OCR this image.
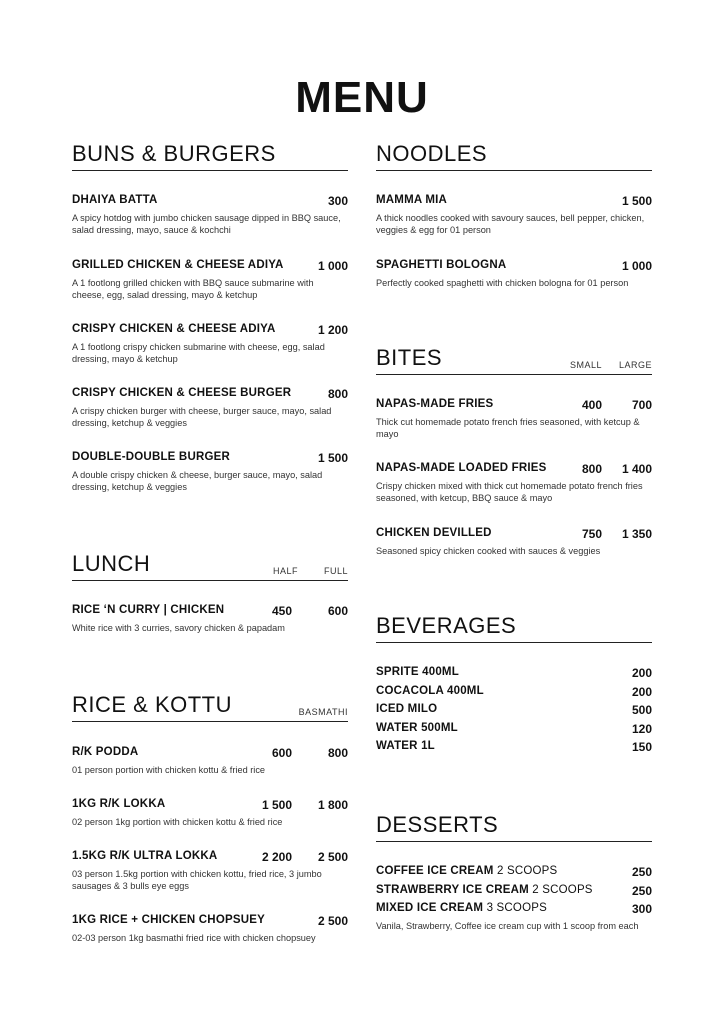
MENU
BUNS & BURGERS
DHAIYA BATTA	300
A spicy hotdog with jumbo chicken sausage dipped in BBQ sauce, salad dressing, mayo, sauce & kochchi
GRILLED CHICKEN & CHEESE ADIYA	1 000
A 1 footlong grilled chicken with BBQ sauce submarine with cheese, egg, salad dressing, mayo & ketchup
CRISPY CHICKEN & CHEESE ADIYA	1 200
A 1 footlong crispy chicken submarine with cheese, egg, salad dressing, mayo & ketchup
CRISPY CHICKEN & CHEESE BURGER	800
A crispy chicken burger with cheese, burger sauce, mayo, salad dressing, ketchup & veggies
DOUBLE-DOUBLE BURGER	1 500
A double crispy chicken & cheese, burger sauce, mayo, salad dressing, ketchup & veggies
LUNCH	HALF	FULL
RICE ‘N CURRY | CHICKEN	450	600
White rice with 3 curries, savory chicken & papadam
RICE & KOTTU	BASMATHI
R/K PODDA	600	800
01 person portion with chicken kottu & fried rice
1KG R/K LOKKA	1 500	1 800
02 person 1kg portion with chicken kottu & fried rice
1.5KG R/K ULTRA LOKKA	2 200	2 500
03 person 1.5kg portion with chicken kottu, fried rice, 3 jumbo sausages & 3 bulls eye eggs
1KG RICE + CHICKEN CHOPSUEY	2 500
02-03 person 1kg basmathi fried rice with chicken chopsuey
NOODLES
MAMMA MIA	1 500
A thick noodles cooked with savoury sauces, bell pepper, chicken, veggies & egg for 01 person
SPAGHETTI BOLOGNA	1 000
Perfectly cooked spaghetti with chicken bologna for 01 person
BITES	SMALL	LARGE
NAPAS-MADE FRIES	400	700
Thick cut homemade potato french fries seasoned, with ketcup & mayo
NAPAS-MADE LOADED FRIES	800	1 400
Crispy chicken mixed with thick cut homemade potato french fries seasoned, with ketcup, BBQ sauce & mayo
CHICKEN DEVILLED	750	1 350
Seasoned spicy chicken cooked with sauces & veggies
BEVERAGES
SPRITE 400ML	200
COCACOLA 400ML	200
ICED MILO	500
WATER 500ML	120
WATER 1L	150
DESSERTS
COFFEE ICE CREAM 2 SCOOPS	250
STRAWBERRY ICE CREAM 2 SCOOPS	250
MIXED ICE CREAM 3 SCOOPS	300
Vanila, Strawberry, Coffee ice cream cup with 1 scoop from each
